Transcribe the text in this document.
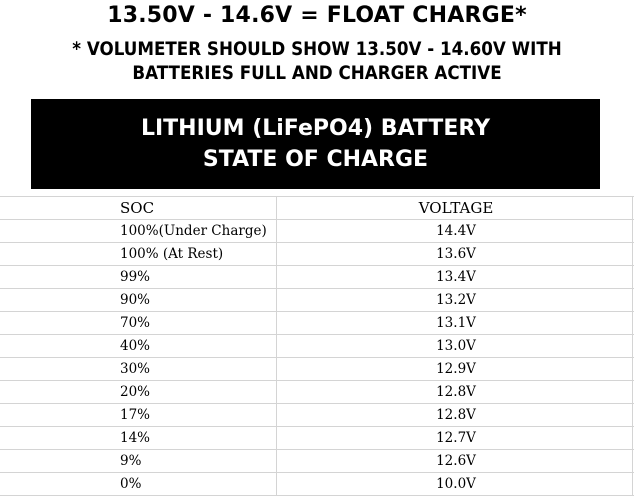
13.50V - 14.6V = FLOAT CHARGE*
* VOLUMETER SHOULD SHOW 13.50V - 14.60V WITH
BATTERIES FULL AND CHARGER ACTIVE
LITHIUM (LiFePO4) BATTERY
STATE OF CHARGE
SOC	VOLTAGE	
100%(Under Charge)	14.4V	
100% (At Rest)	13.6V	
99%	13.4V	
90%	13.2V	
70%	13.1V	
40%	13.0V	
30%	12.9V	
20%	12.8V	
17%	12.8V	
14%	12.7V	
9%	12.6V	
0%	10.0V	
